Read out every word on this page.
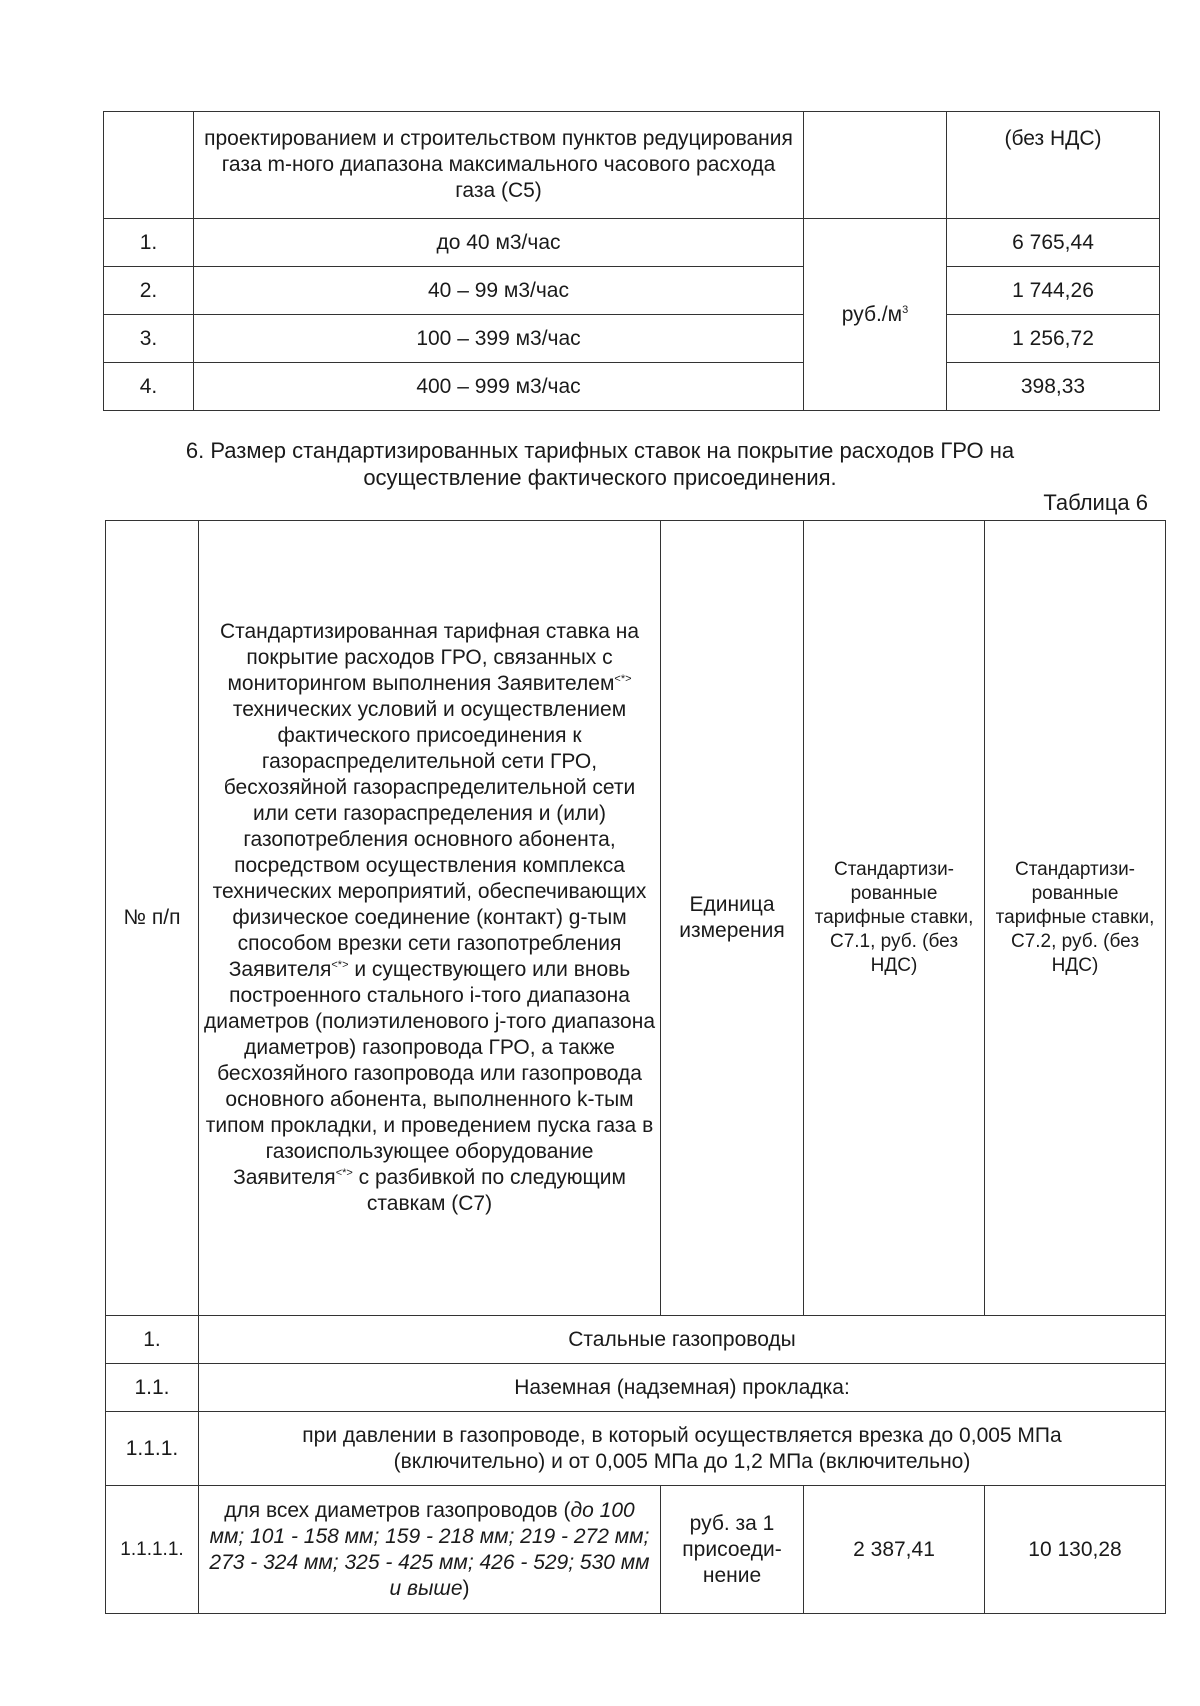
	проектированием и строительством пунктов редуцирования газа m-ного диапазона максимального часового расхода газа (С5)		(без НДС)
1.	до 40 м3/час	$руб./м^3$	6 765,44
2.	40 – 99 м3/час		1 744,26
3.	100 – 399 м3/час		1 256,72
4.	400 – 999 м3/час		398,33
6. Размер стандартизированных тарифных ставок на покрытие расходов ГРО на осуществление фактического присоединения.
Таблица 6
№ п/п	Стандартизированная тарифная ставка на покрытие расходов ГРО, связанных с мониторингом выполнения Заявителем<*> технических условий и осуществлением фактического присоединения к газораспределительной сети ГРО, бесхозяйной газораспределительной сети или сети газораспределения и (или) газопотребления основного абонента, посредством осуществления комплекса технических мероприятий, обеспечивающих физическое соединение (контакт) g-тым способом врезки сети газопотребления Заявителя<*> и существующего или вновь построенного стального i-того диапазона диаметров (полиэтиленового j-того диапазона диаметров) газопровода ГРО, а также бесхозяйного газопровода или газопровода основного абонента, выполненного k-тым типом прокладки, и проведением пуска газа в газоиспользующее оборудование Заявителя<*> с разбивкой по следующим ставкам (С7)	Единица измерения	Стандартизи-рованные тарифные ставки, С7.1, руб. (без НДС)	Стандартизи-рованные тарифные ставки, С7.2, руб. (без НДС)
1.	Стальные газопроводы			
1.1.	Наземная (надземная) прокладка:			
1.1.1.	при давлении в газопроводе, в который осуществляется врезка до 0,005 МПа (включительно) и от 0,005 МПа до 1,2 МПа (включительно)			
1.1.1.1.	для всех диаметров газопроводов (до 100 мм; 101 - 158 мм; 159 - 218 мм; 219 - 272 мм; 273 - 324 мм; 325 - 425 мм; 426 - 529; 530 мм и выше)	руб. за 1 присоеди-нение	2 387,41	10 130,28
